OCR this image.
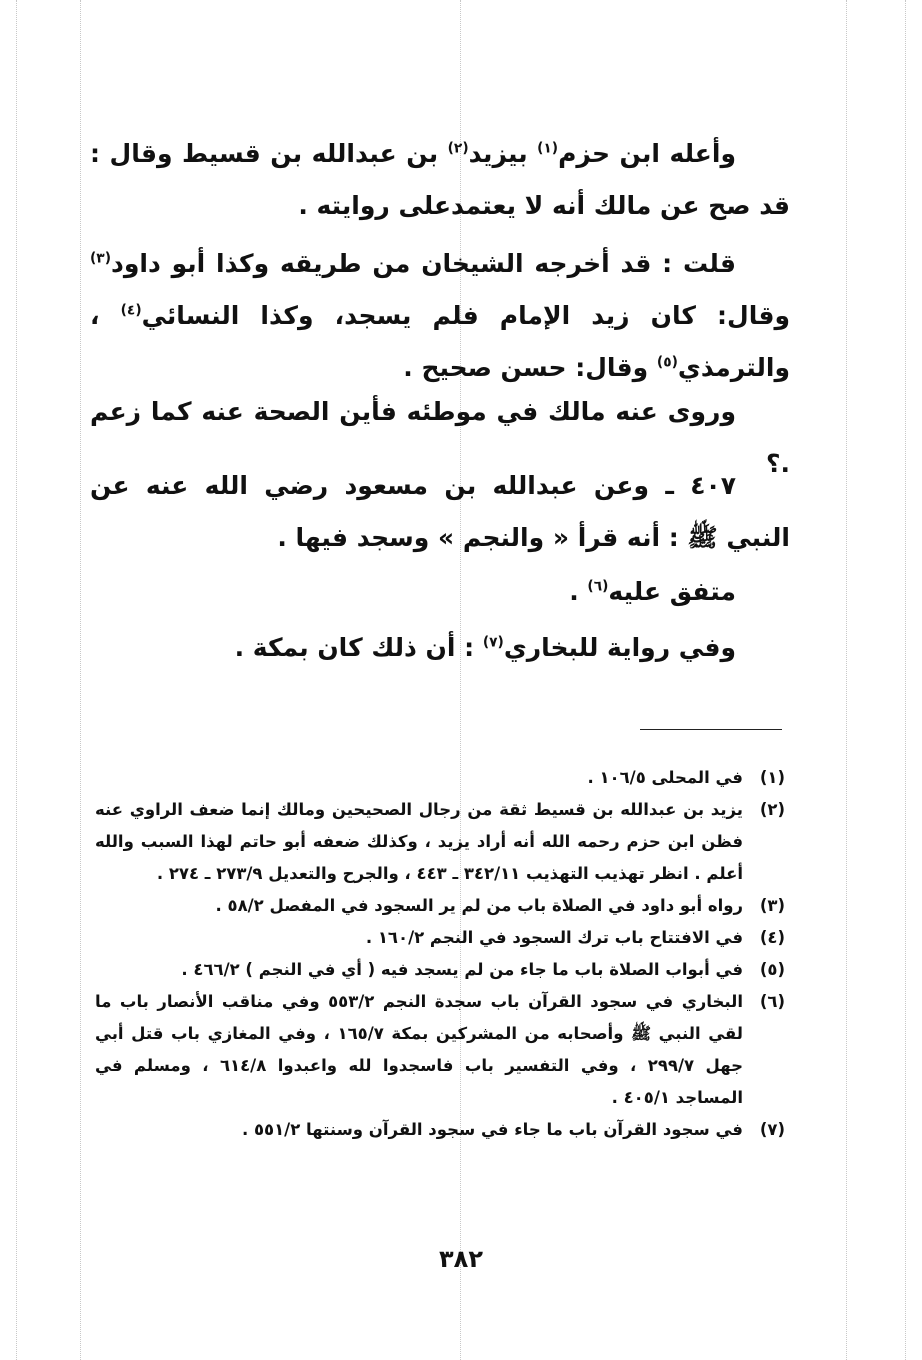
وأعله ابن حزم$^{(١)}$ بيزيد$^{(٢)}$ بن عبدالله بن قسيط وقال : قد صح عن مالك أنه لا يعتمدعلى روايته .

قلت : قد أخرجه الشيخان من طريقه وكذا أبو داود$^{(٣)}$ وقال: كان زيد الإمام فلم يسجد، وكذا النسائي$^{(٤)}$ ، والترمذي$^{(٥)}$ وقال: حسن صحيح .

وروى عنه مالك في موطئه فأين الصحة عنه كما زعم .؟

٤٠٧ ـ وعن عبدالله بن مسعود رضي الله عنه عن النبي ﷺ : أنه قرأ « والنجم » وسجد فيها .

متفق عليه$^{(٦)}$ .

وفي رواية للبخاري$^{(٧)}$ : أن ذلك كان بمكة .

(١)
في المحلى ١٠٦/٥ .
(٢)
يزيد بن عبدالله بن قسيط ثقة من رجال الصحيحين ومالك إنما ضعف الراوي عنه فظن ابن حزم رحمه الله أنه أراد يزيد ، وكذلك ضعفه أبو حاتم لهذا السبب والله أعلم . انظر تهذيب التهذيب ٣٤٢/١١ ـ ٤٤٣ ، والجرح والتعديل ٢٧٣/٩ ـ ٢٧٤ .
(٣)
رواه أبو داود في الصلاة باب من لم ير السجود في المفصل ٥٨/٢ .
(٤)
في الافتتاح باب ترك السجود في النجم ١٦٠/٢ .
(٥)
في أبواب الصلاة باب ما جاء من لم يسجد فيه ( أي في النجم ) ٤٦٦/٢ .
(٦)
البخاري في سجود القرآن باب سجدة النجم ٥٥٣/٢ وفي مناقب الأنصار باب ما لقي النبي ﷺ وأصحابه من المشركين بمكة ١٦٥/٧ ، وفي المغازي باب قتل أبي جهل ٢٩٩/٧ ، وفي التفسير باب فاسجدوا لله واعبدوا ٦١٤/٨ ، ومسلم في المساجد ٤٠٥/١ .
(٧)
في سجود القرآن باب ما جاء في سجود القرآن وسنتها ٥٥١/٢ .
٣٨٢
